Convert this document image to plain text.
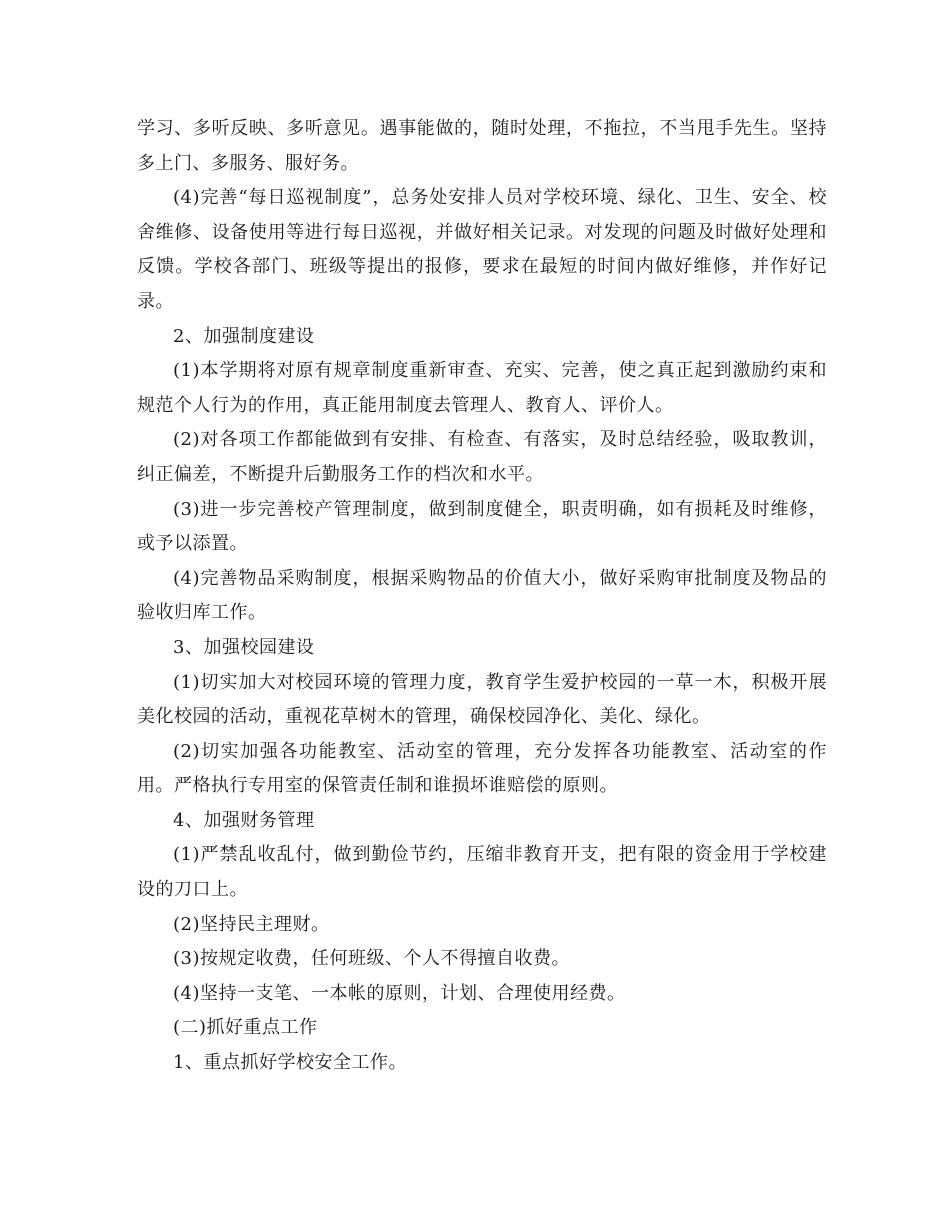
学习、多听反映、多听意见。遇事能做的，随时处理，不拖拉，不当甩手先生。坚持多上门、多服务、服好务。

(4)完善“每日巡视制度”，总务处安排人员对学校环境、绿化、卫生、安全、校舍维修、设备使用等进行每日巡视，并做好相关记录。对发现的问题及时做好处理和反馈。学校各部门、班级等提出的报修，要求在最短的时间内做好维修，并作好记录。

2、加强制度建设

(1)本学期将对原有规章制度重新审查、充实、完善，使之真正起到激励约束和规范个人行为的作用，真正能用制度去管理人、教育人、评价人。

(2)对各项工作都能做到有安排、有检查、有落实，及时总结经验，吸取教训，纠正偏差，不断提升后勤服务工作的档次和水平。

(3)进一步完善校产管理制度，做到制度健全，职责明确，如有损耗及时维修，或予以添置。

(4)完善物品采购制度，根据采购物品的价值大小，做好采购审批制度及物品的验收归库工作。

3、加强校园建设

(1)切实加大对校园环境的管理力度，教育学生爱护校园的一草一木，积极开展美化校园的活动，重视花草树木的管理，确保校园净化、美化、绿化。

(2)切实加强各功能教室、活动室的管理，充分发挥各功能教室、活动室的作用。严格执行专用室的保管责任制和谁损坏谁赔偿的原则。

4、加强财务管理

(1)严禁乱收乱付，做到勤俭节约，压缩非教育开支，把有限的资金用于学校建设的刀口上。

(2)坚持民主理财。

(3)按规定收费，任何班级、个人不得擅自收费。

(4)坚持一支笔、一本帐的原则，计划、合理使用经费。

(二)抓好重点工作

1、重点抓好学校安全工作。
